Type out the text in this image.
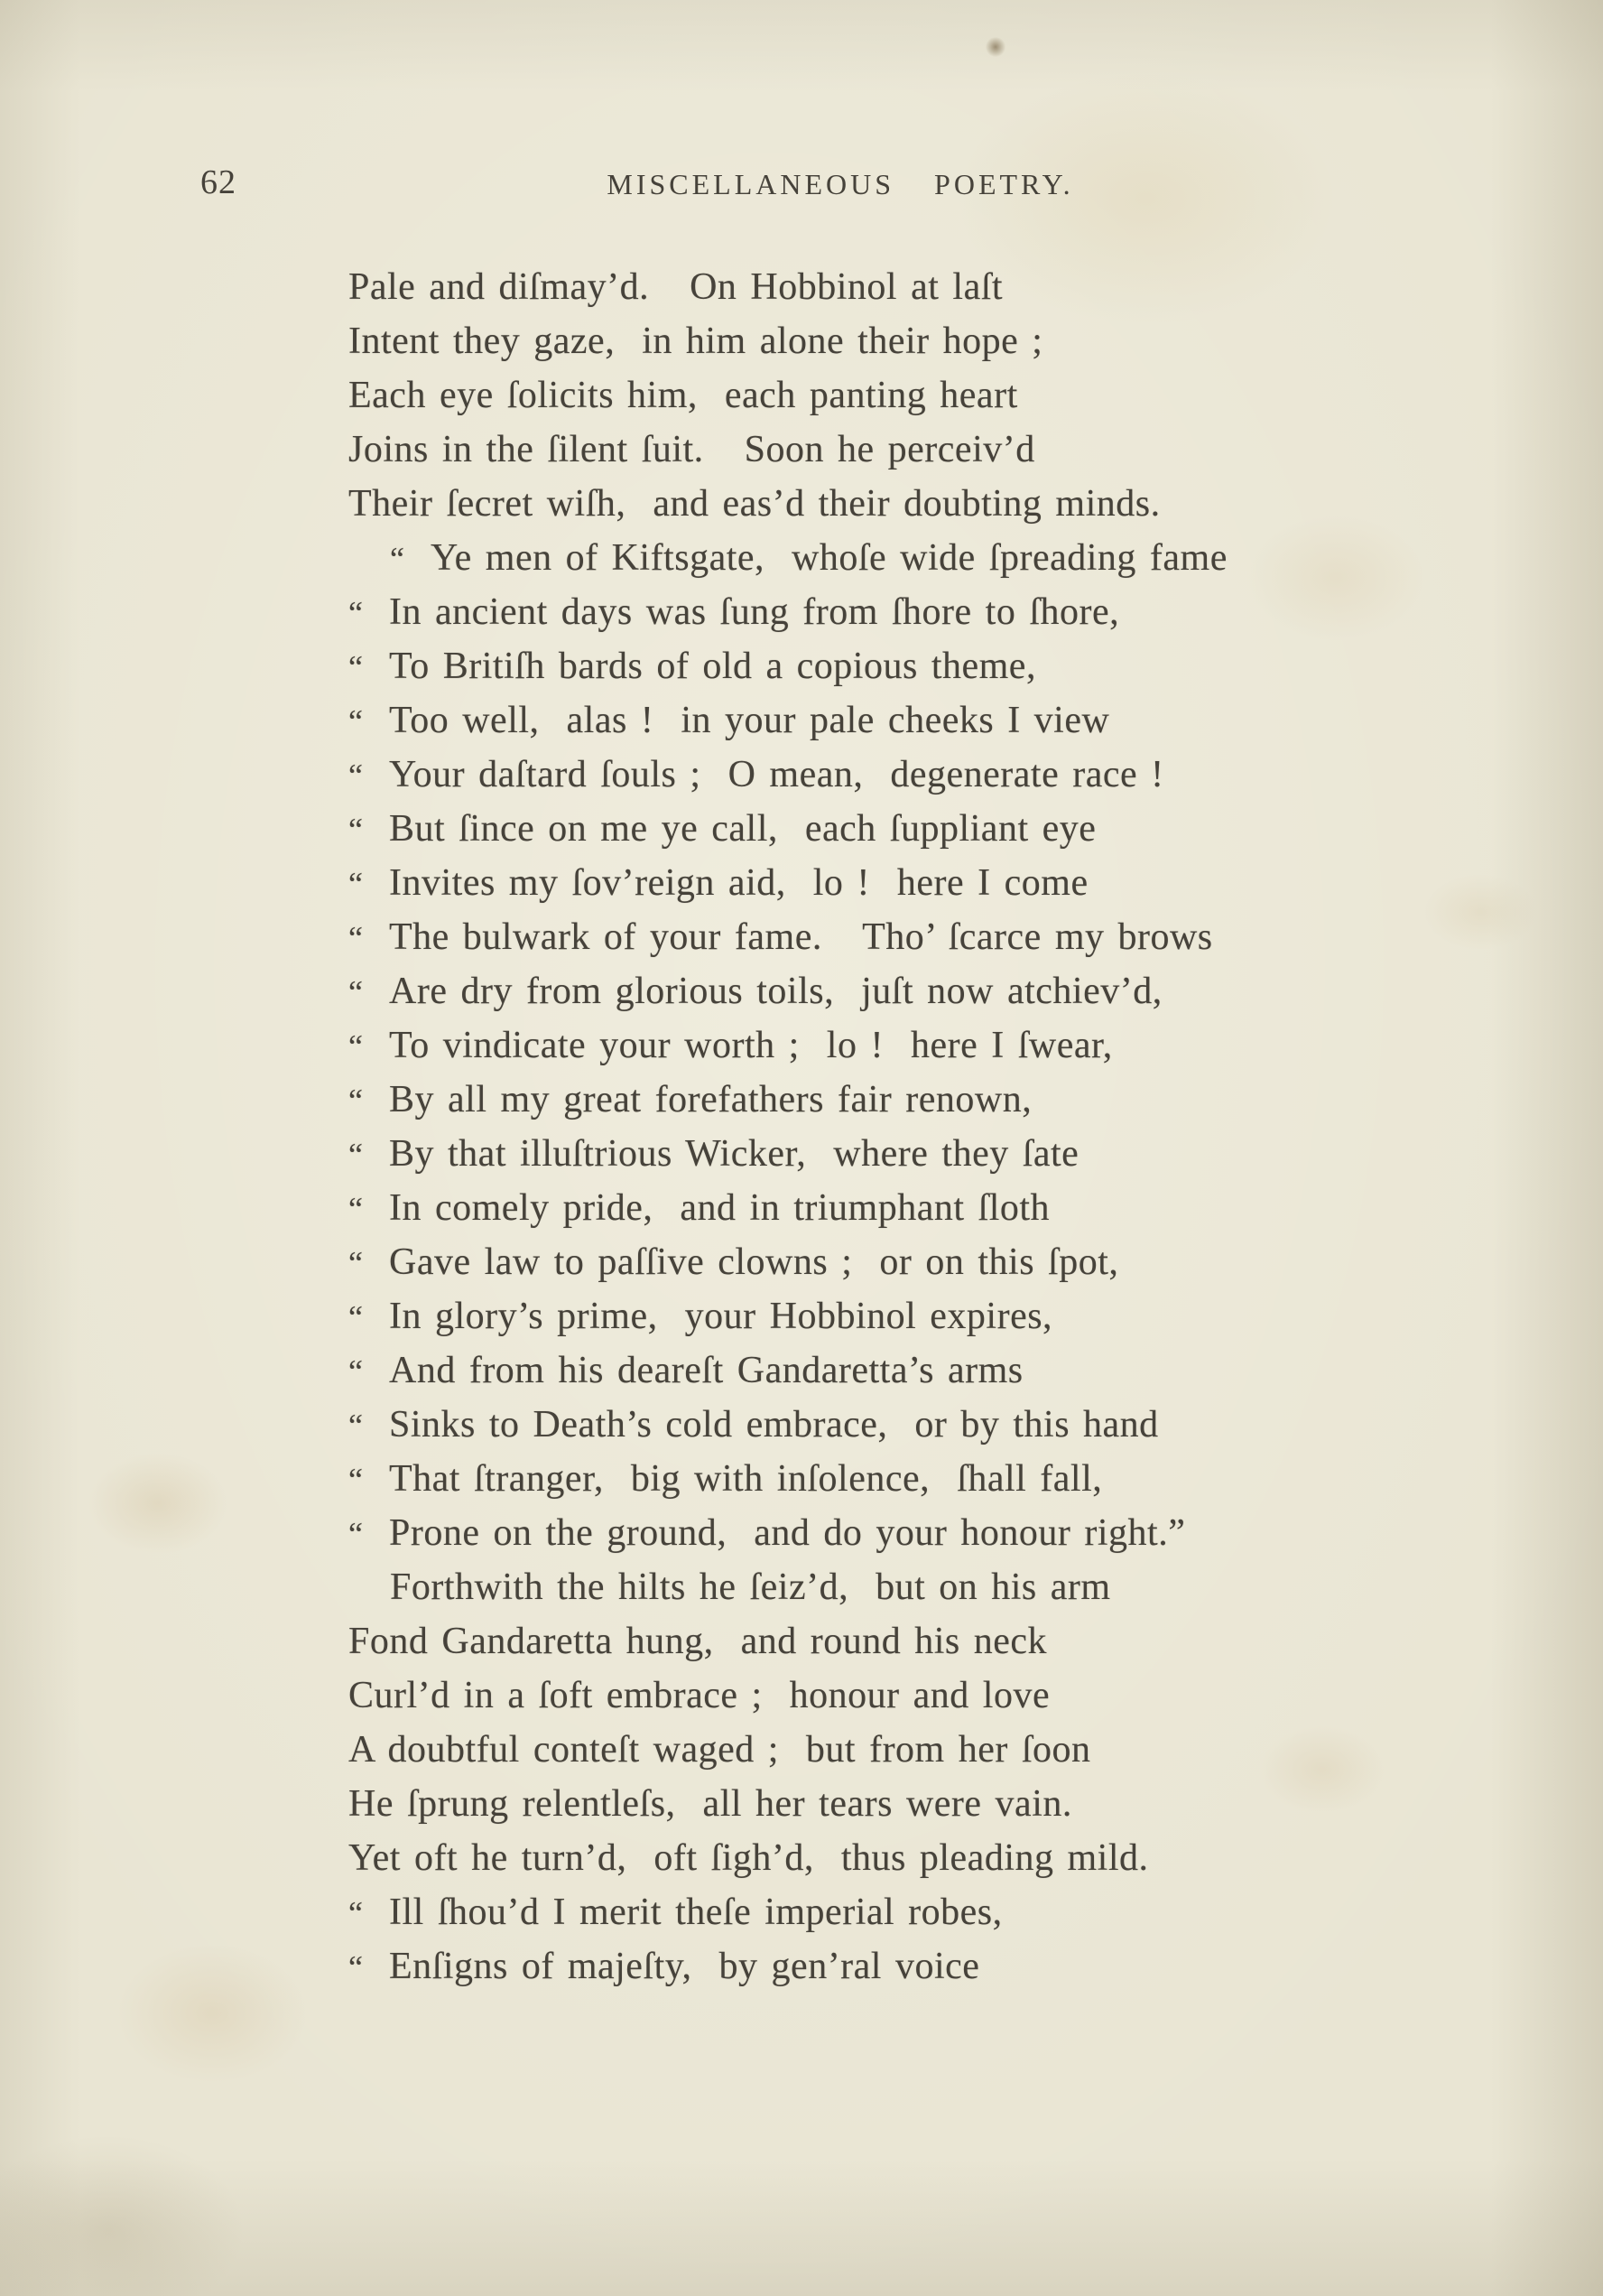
62	MISCELLANEOUS  POETRY.
Pale and diſmay’d.   On Hobbinol at laſt
Intent they gaze,  in him alone their hope ;
Each eye ſolicits him,  each panting heart
Joins in the ſilent ſuit.   Soon he perceiv’d
Their ſecret wiſh,  and eas’d their doubting minds.
“ Ye men of Kiftsgate,  whoſe wide ſpreading fame
“ In ancient days was ſung from ſhore to ſhore,
“ To Britiſh bards of old a copious theme,
“ Too well,  alas !  in your pale cheeks I view
“ Your daſtard ſouls ;  O mean,  degenerate race !
“ But ſince on me ye call,  each ſuppliant eye
“ Invites my ſov’reign aid,  lo !  here I come
“ The bulwark of your fame.   Tho’ ſcarce my brows
“ Are dry from glorious toils,  juſt now atchiev’d,
“ To vindicate your worth ;  lo !  here I ſwear,
“ By all my great forefathers fair renown,
“ By that illuſtrious Wicker,  where they ſate
“ In comely pride,  and in triumphant ſloth
“ Gave law to paſſive clowns ;  or on this ſpot,
“ In glory’s prime,  your Hobbinol expires,
“ And from his deareſt Gandaretta’s arms
“ Sinks to Death’s cold embrace,  or by this hand
“ That ſtranger,  big with inſolence,  ſhall fall,
“ Prone on the ground,  and do your honour right.”
Forthwith the hilts he ſeiz’d,  but on his arm
Fond Gandaretta hung,  and round his neck
Curl’d in a ſoft embrace ;  honour and love
A doubtful conteſt waged ;  but from her ſoon
He ſprung relentleſs,  all her tears were vain.
Yet oft he turn’d,  oft ſigh’d,  thus pleading mild.
“ Ill ſhou’d I merit theſe imperial robes,
“ Enſigns of majeſty,  by gen’ral voice
